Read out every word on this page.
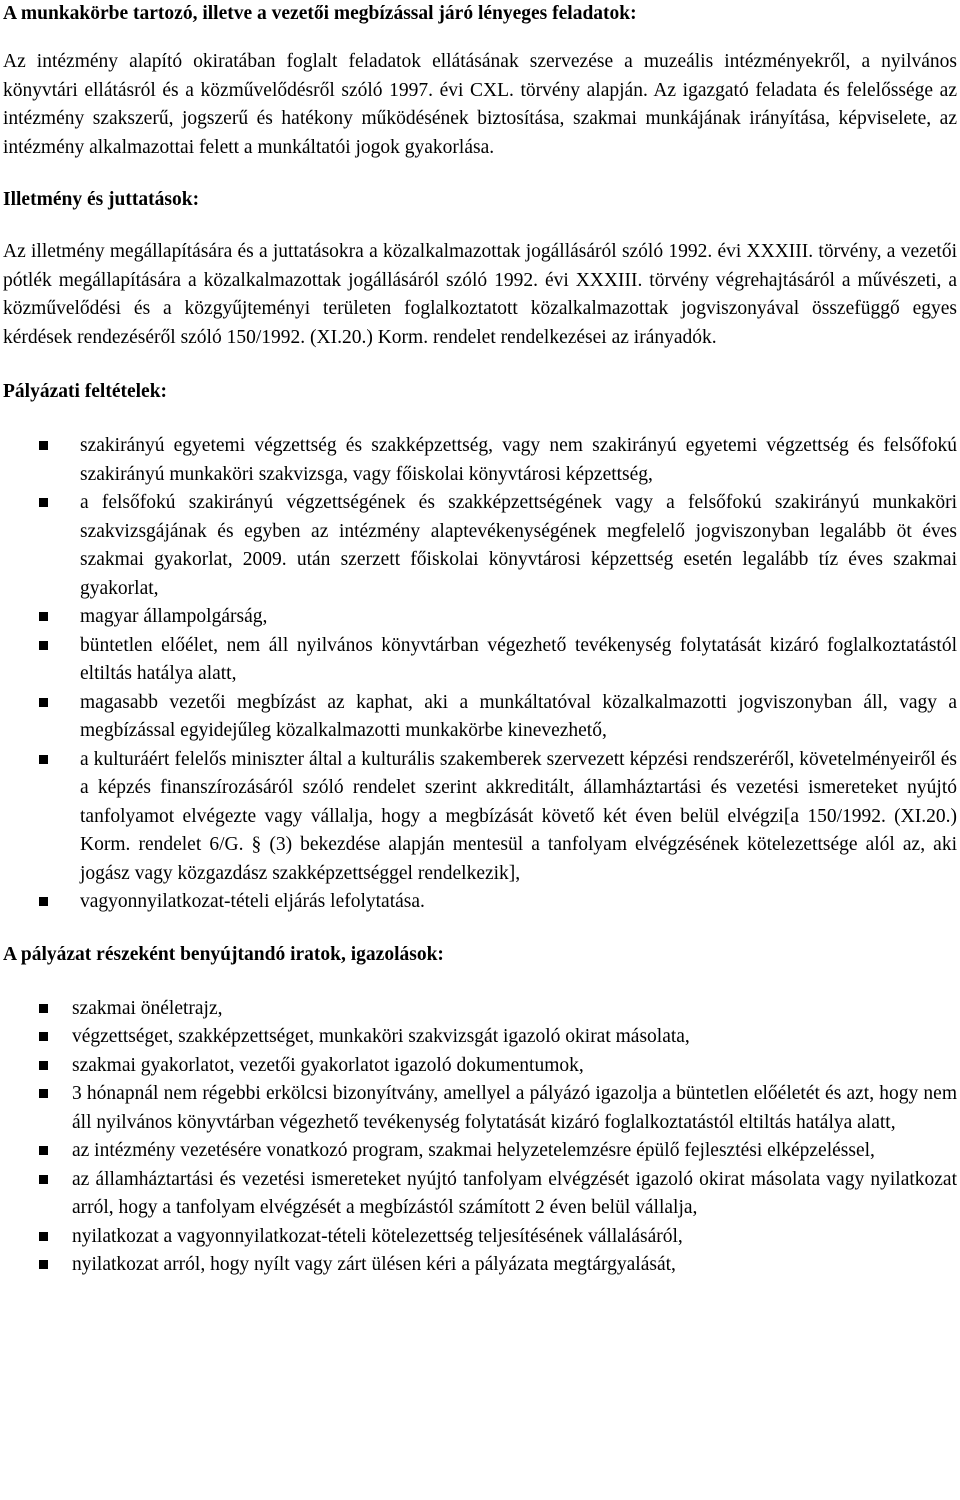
A munkakörbe tartozó, illetve a vezetői megbízással járó lényeges feladatok:

Az intézmény alapító okiratában foglalt feladatok ellátásának szervezése a muzeális intézményekről, a nyilvános könyvtári ellátásról és a közművelődésről szóló 1997. évi CXL. törvény alapján. Az igazgató feladata és felelőssége az intézmény szakszerű, jogszerű és hatékony működésének biztosítása, szakmai munkájának irányítása, képviselete, az intézmény alkalmazottai felett a munkáltatói jogok gyakorlása.

Illetmény és juttatások:

Az illetmény megállapítására és a juttatásokra a közalkalmazottak jogállásáról szóló 1992. évi XXXIII. törvény, a vezetői pótlék megállapítására a közalkalmazottak jogállásáról szóló 1992. évi XXXIII. törvény végrehajtásáról a művészeti, a közművelődési és a közgyűjteményi területen foglalkoztatott közalkalmazottak jogviszonyával összefüggő egyes kérdések rendezéséről szóló 150/1992. (XI.20.) Korm. rendelet rendelkezései az irányadók.

Pályázati feltételek:

szakirányú egyetemi végzettség és szakképzettség, vagy nem szakirányú egyetemi végzettség és felsőfokú szakirányú munkaköri szakvizsga, vagy főiskolai könyvtárosi képzettség,
a felsőfokú szakirányú végzettségének és szakképzettségének vagy a felsőfokú szakirányú munkaköri szakvizsgájának és egyben az intézmény alaptevékenységének megfelelő jogviszonyban legalább öt éves szakmai gyakorlat, 2009. után szerzett főiskolai könyvtárosi képzettség esetén legalább tíz éves szakmai gyakorlat,
magyar állampolgárság,
büntetlen előélet, nem áll nyilvános könyvtárban végezhető tevékenység folytatását kizáró foglalkoztatástól eltiltás hatálya alatt,
magasabb vezetői megbízást az kaphat, aki a munkáltatóval közalkalmazotti jogviszonyban áll, vagy a megbízással egyidejűleg közalkalmazotti munkakörbe kinevezhető,
a kulturáért felelős miniszter által a kulturális szakemberek szervezett képzési rendszeréről, követelményeiről és a képzés finanszírozásáról szóló rendelet szerint akkreditált, államháztartási és vezetési ismereteket nyújtó tanfolyamot elvégezte vagy vállalja, hogy a megbízását követő két éven belül elvégzi[a 150/1992. (XI.20.) Korm. rendelet 6/G. § (3) bekezdése alapján mentesül a tanfolyam elvégzésének kötelezettsége alól az, aki jogász vagy közgazdász szakképzettséggel rendelkezik],
vagyonnyilatkozat-tételi eljárás lefolytatása.

A pályázat részeként benyújtandó iratok, igazolások:

szakmai önéletrajz,
végzettséget, szakképzettséget, munkaköri szakvizsgát igazoló okirat másolata,
szakmai gyakorlatot, vezetői gyakorlatot igazoló dokumentumok,
3 hónapnál nem régebbi erkölcsi bizonyítvány, amellyel a pályázó igazolja a büntetlen előéletét és azt, hogy nem áll nyilvános könyvtárban végezhető tevékenység folytatását kizáró foglalkoztatástól eltiltás hatálya alatt,
az intézmény vezetésére vonatkozó program, szakmai helyzetelemzésre épülő fejlesztési elképzeléssel,
az államháztartási és vezetési ismereteket nyújtó tanfolyam elvégzését igazoló okirat másolata vagy nyilatkozat arról, hogy a tanfolyam elvégzését a megbízástól számított 2 éven belül vállalja,
nyilatkozat a vagyonnyilatkozat-tételi kötelezettség teljesítésének vállalásáról,
nyilatkozat arról, hogy nyílt vagy zárt ülésen kéri a pályázata megtárgyalását,
